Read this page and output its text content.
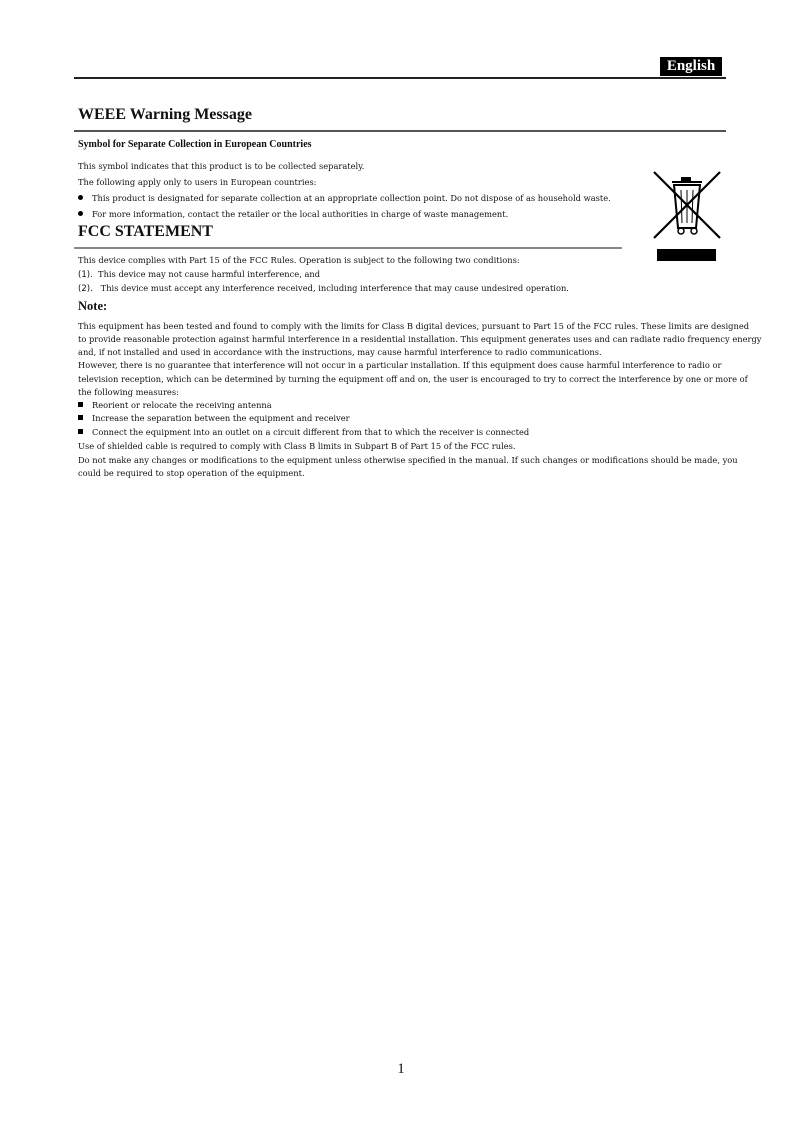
English
WEEE Warning Message
Symbol for Separate Collection in European Countries
This symbol indicates that this product is to be collected separately.
The following apply only to users in European countries:
This product is designated for separate collection at an appropriate collection point. Do not dispose of as household waste.
For more information, contact the retailer or the local authorities in charge of waste management.
FCC STATEMENT
This device complies with Part 15 of the FCC Rules. Operation is subject to the following two conditions:
(1). This device may not cause harmful interference, and
(2). This device must accept any interference received, including interference that may cause undesired operation.
Note:
This equipment has been tested and found to comply with the limits for Class B digital devices, pursuant to Part 15 of the FCC rules. These limits are designed
to provide reasonable protection against harmful interference in a residential installation. This equipment generates uses and can radiate radio frequency energy
and, if not installed and used in accordance with the instructions, may cause harmful interference to radio communications.
However, there is no guarantee that interference will not occur in a particular installation. If this equipment does cause harmful interference to radio or
television reception, which can be determined by turning the equipment off and on, the user is encouraged to try to correct the interference by one or more of
the following measures:
Reorient or relocate the receiving antenna
Increase the separation between the equipment and receiver
Connect the equipment into an outlet on a circuit different from that to which the receiver is connected
Use of shielded cable is required to comply with Class B limits in Subpart B of Part 15 of the FCC rules.
Do not make any changes or modifications to the equipment unless otherwise specified in the manual. If such changes or modifications should be made, you
could be required to stop operation of the equipment.
1
